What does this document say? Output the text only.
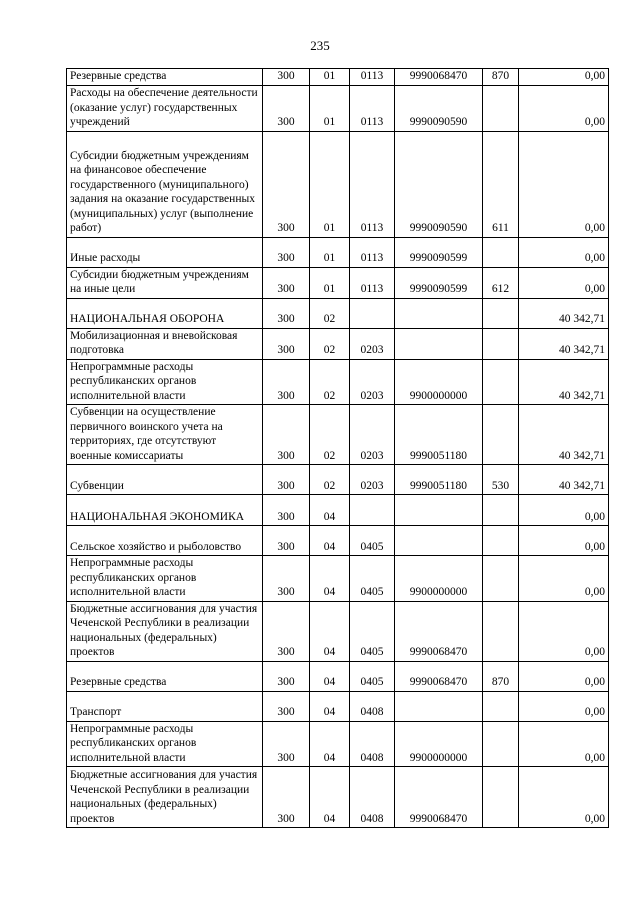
235
Резервные средства	300	01	0113	9990068470	870	0,00
Расходы на обеспечение деятельности (оказание услуг) государственных учреждений	300	01	0113	9990090590		0,00
Субсидии бюджетным учреждениям на финансовое обеспечение государственного (муниципального) задания на оказание государственных (муниципальных) услуг (выполнение работ)	300	01	0113	9990090590	611	0,00
Иные расходы	300	01	0113	9990090599		0,00
Субсидии бюджетным учреждениям на иные цели	300	01	0113	9990090599	612	0,00
НАЦИОНАЛЬНАЯ ОБОРОНА	300	02				40 342,71
Мобилизационная и вневойсковая подготовка	300	02	0203			40 342,71
Непрограммные расходы республиканских органов исполнительной власти	300	02	0203	9900000000		40 342,71
Субвенции на осуществление первичного воинского учета на территориях, где отсутствуют военные комиссариаты	300	02	0203	9990051180		40 342,71
Субвенции	300	02	0203	9990051180	530	40 342,71
НАЦИОНАЛЬНАЯ ЭКОНОМИКА	300	04				0,00
Сельское хозяйство и рыболовство	300	04	0405			0,00
Непрограммные расходы республиканских органов исполнительной власти	300	04	0405	9900000000		0,00
Бюджетные ассигнования для участия Чеченской Республики в реализации национальных (федеральных) проектов	300	04	0405	9990068470		0,00
Резервные средства	300	04	0405	9990068470	870	0,00
Транспорт	300	04	0408			0,00
Непрограммные расходы республиканских органов исполнительной власти	300	04	0408	9900000000		0,00
Бюджетные ассигнования для участия Чеченской Республики в реализации национальных (федеральных) проектов	300	04	0408	9990068470		0,00
